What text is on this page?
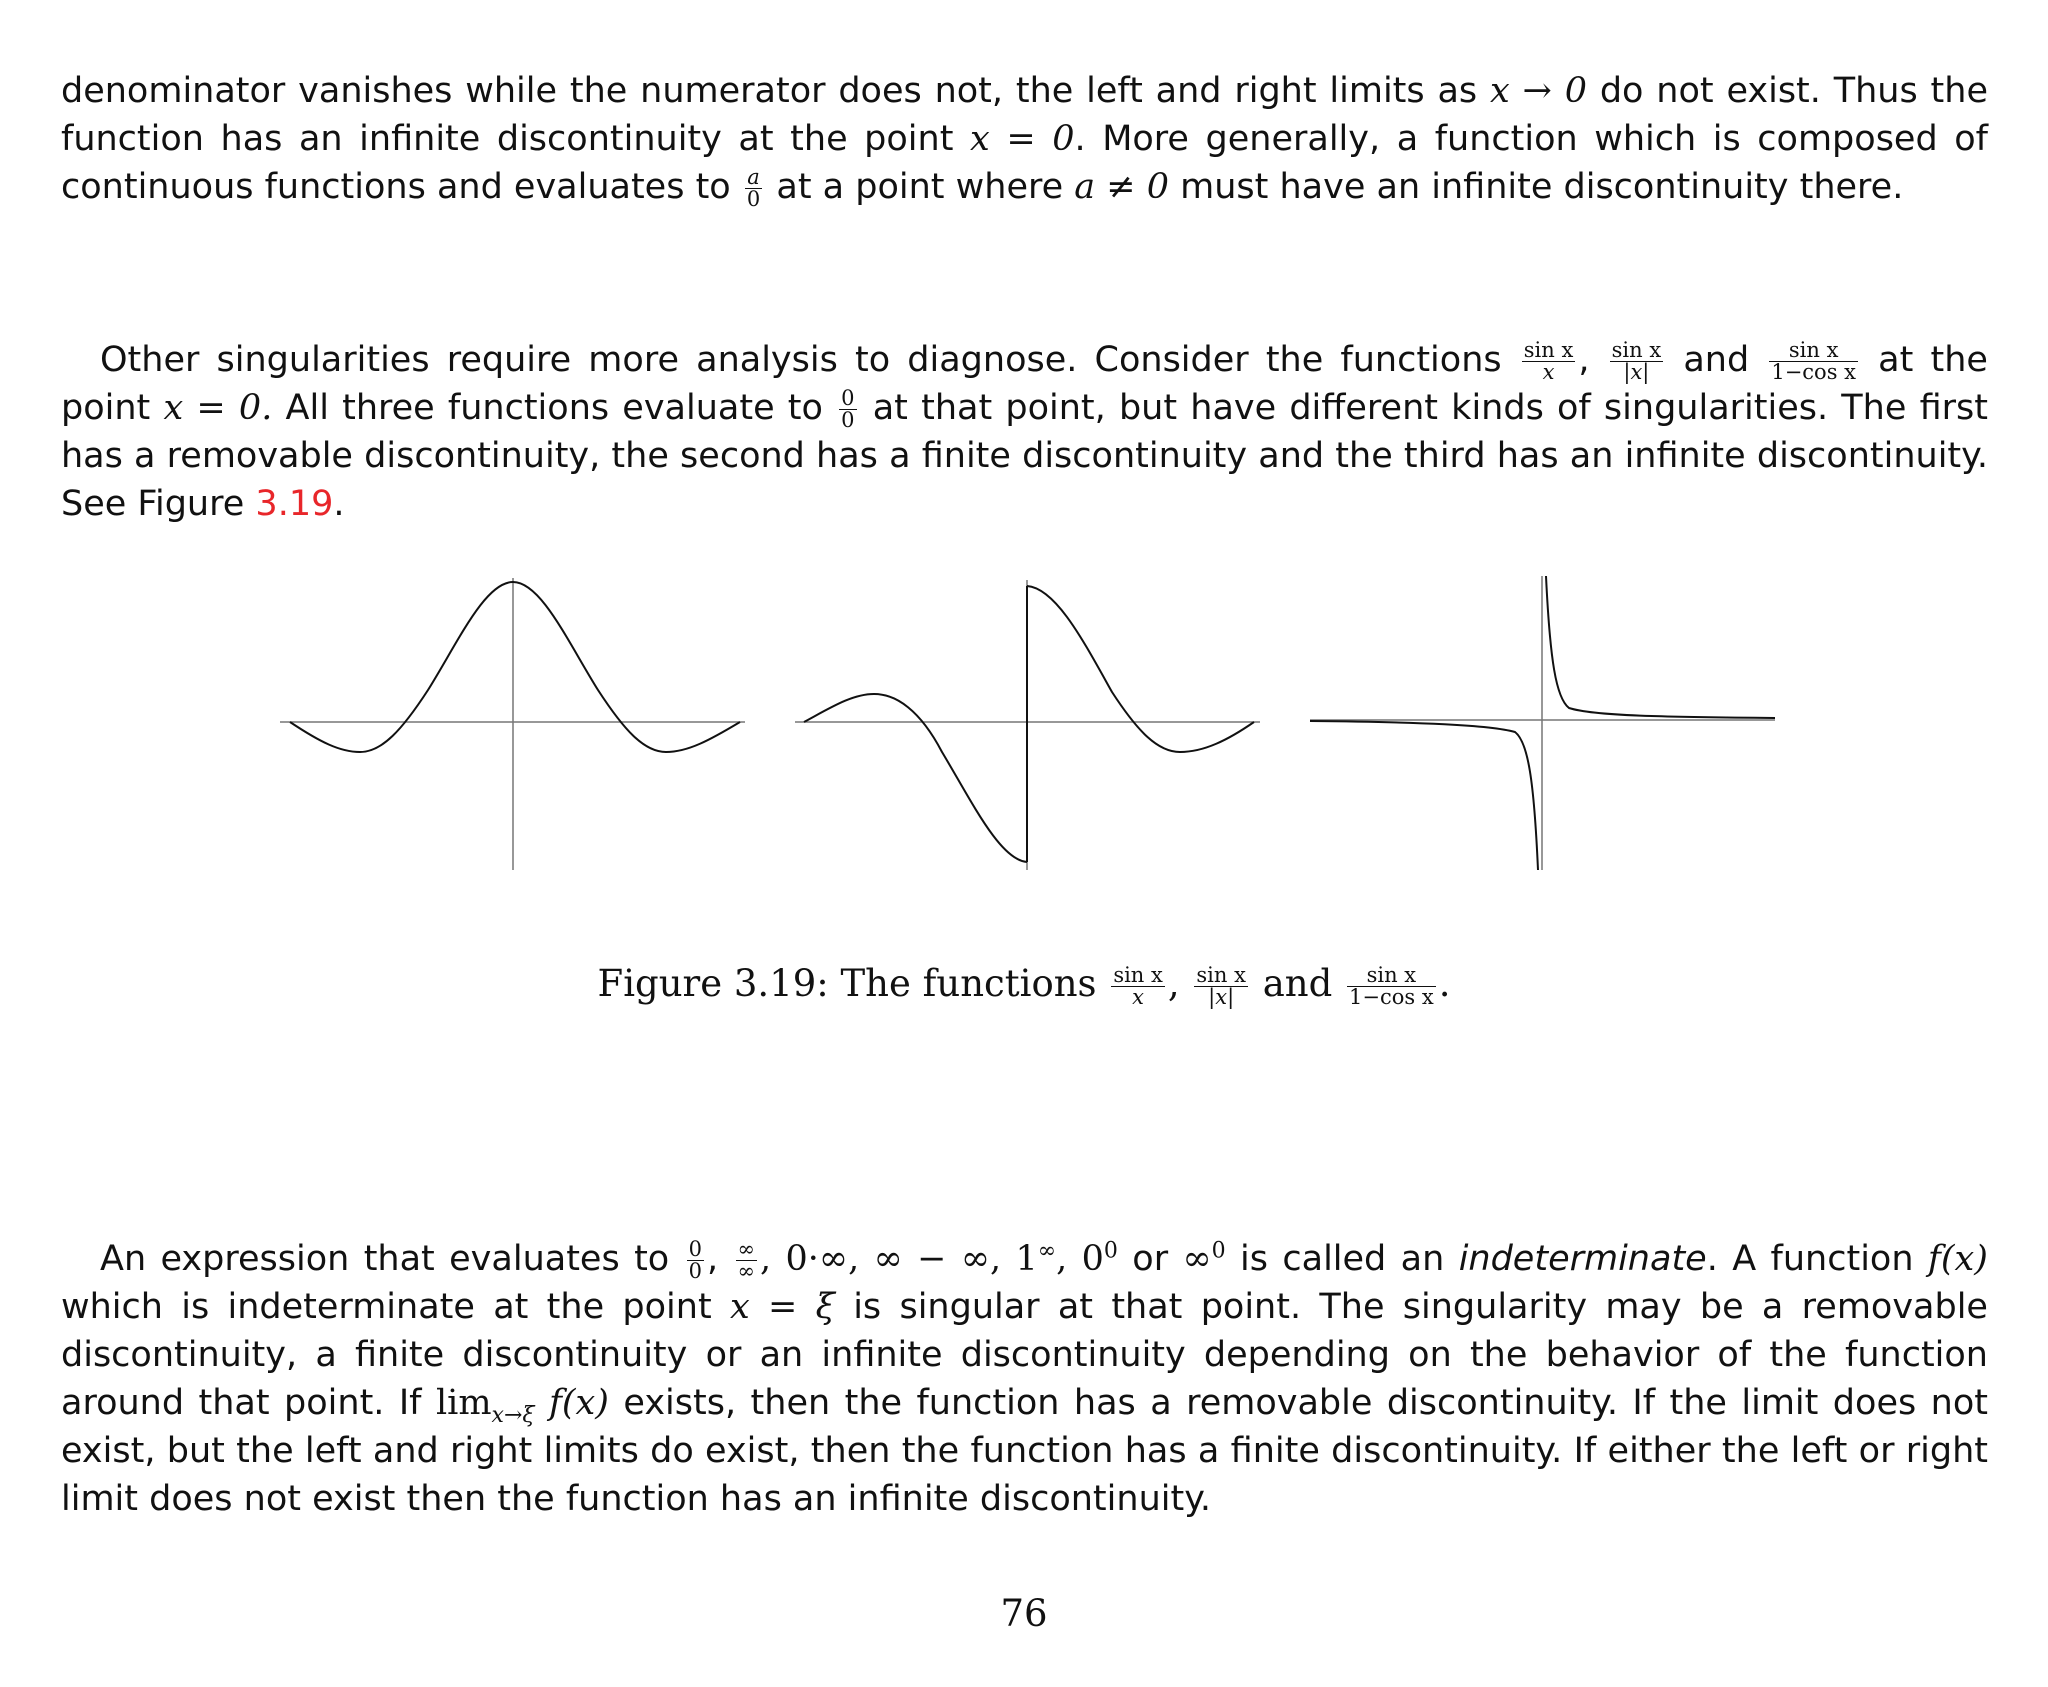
denominator vanishes while the numerator does not, the left and right limits as x → 0 do not exist. Thus the function has an infinite discontinuity at the point x = 0. More generally, a function which is composed of continuous functions and evaluates to $\frac{a}{0}$ at a point where a ≠ 0 must have an infinite discontinuity there.
Other singularities require more analysis to diagnose. Consider the functions $\frac{\text{sin x}}{x}$ , $\frac{\text{sin x}}{|x|}$ and $\frac{\text{sin x}}{\text{1−cos x}}$ at the point x = 0. All three functions evaluate to $\frac{0}{0}$ at that point, but have different kinds of singularities. The first has a removable discontinuity, the second has a finite discontinuity and the third has an infinite discontinuity. See Figure 3.19.
Figure 3.19: The functions $\frac{\text{sin x}}{x}$ , $\frac{\text{sin x}}{|x|}$ and $\frac{\text{sin x}}{\text{1−cos x}}$ .
An expression that evaluates to $\frac{0}{0}$ , $\frac{\infty}{\infty}$ , 0·∞, ∞ − ∞, 1∞, $0^0$ or ∞$^0$ is called an indeterminate. A function f(x) which is indeterminate at the point x = ξ is singular at that point. The singularity may be a removable discontinuity, a finite discontinuity or an infinite discontinuity depending on the behavior of the function around that point. If $\lim_{x\to\xi} f(x)$ exists, then the function has a removable discontinuity. If the limit does not exist, but the left and right limits do exist, then the function has a finite discontinuity. If either the left or right limit does not exist then the function has an infinite discontinuity.
76
